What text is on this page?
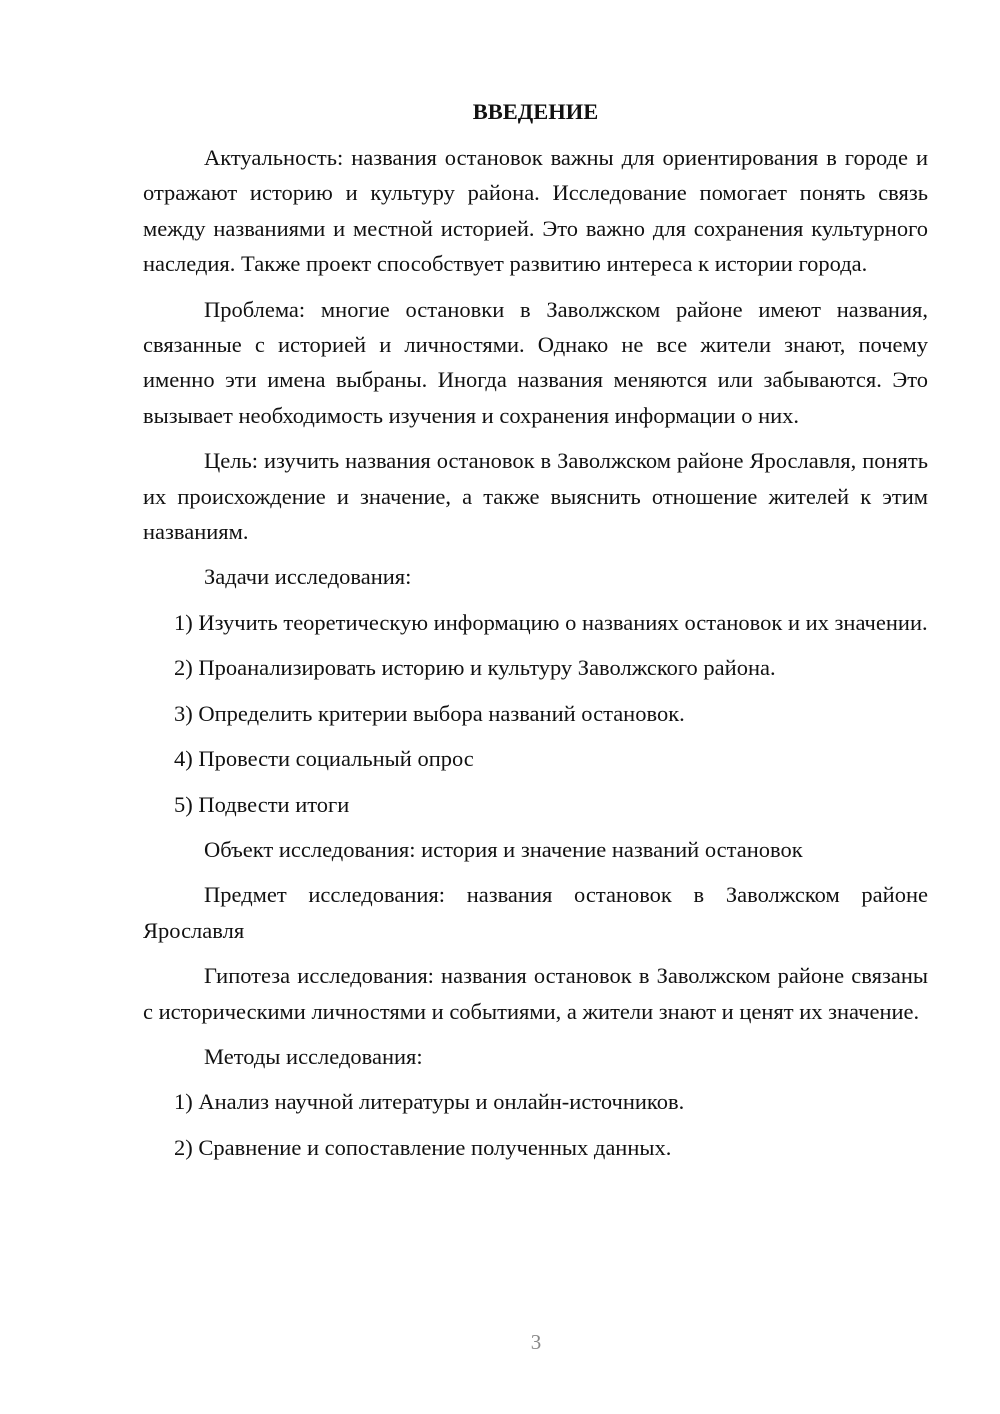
ВВЕДЕНИЕ
Актуальность: названия остановок важны для ориентирования в городе и отражают историю и культуру района. Исследование помогает понять связь между названиями и местной историей. Это важно для сохранения культурного наследия. Также проект способствует развитию интереса к истории города.
Проблема: многие остановки в Заволжском районе имеют названия, связанные с историей и личностями. Однако не все жители знают, почему именно эти имена выбраны. Иногда названия меняются или забываются. Это вызывает необходимость изучения и сохранения информации о них.
Цель: изучить названия остановок в Заволжском районе Ярославля, понять их происхождение и значение, а также выяснить отношение жителей к этим названиям.
Задачи исследования:
1) Изучить теоретическую информацию о названиях остановок и их значении.
2) Проанализировать историю и культуру Заволжского района.
3) Определить критерии выбора названий остановок.
4) Провести социальный опрос
5) Подвести итоги
Объект исследования: история и значение названий остановок
Предмет исследования: названия остановок в Заволжском районе Ярославля
Гипотеза исследования: названия остановок в Заволжском районе связаны с историческими личностями и событиями, а жители знают и ценят их значение.
Методы исследования:
1) Анализ научной литературы и онлайн-источников.
2) Сравнение и сопоставление полученных данных.
3
